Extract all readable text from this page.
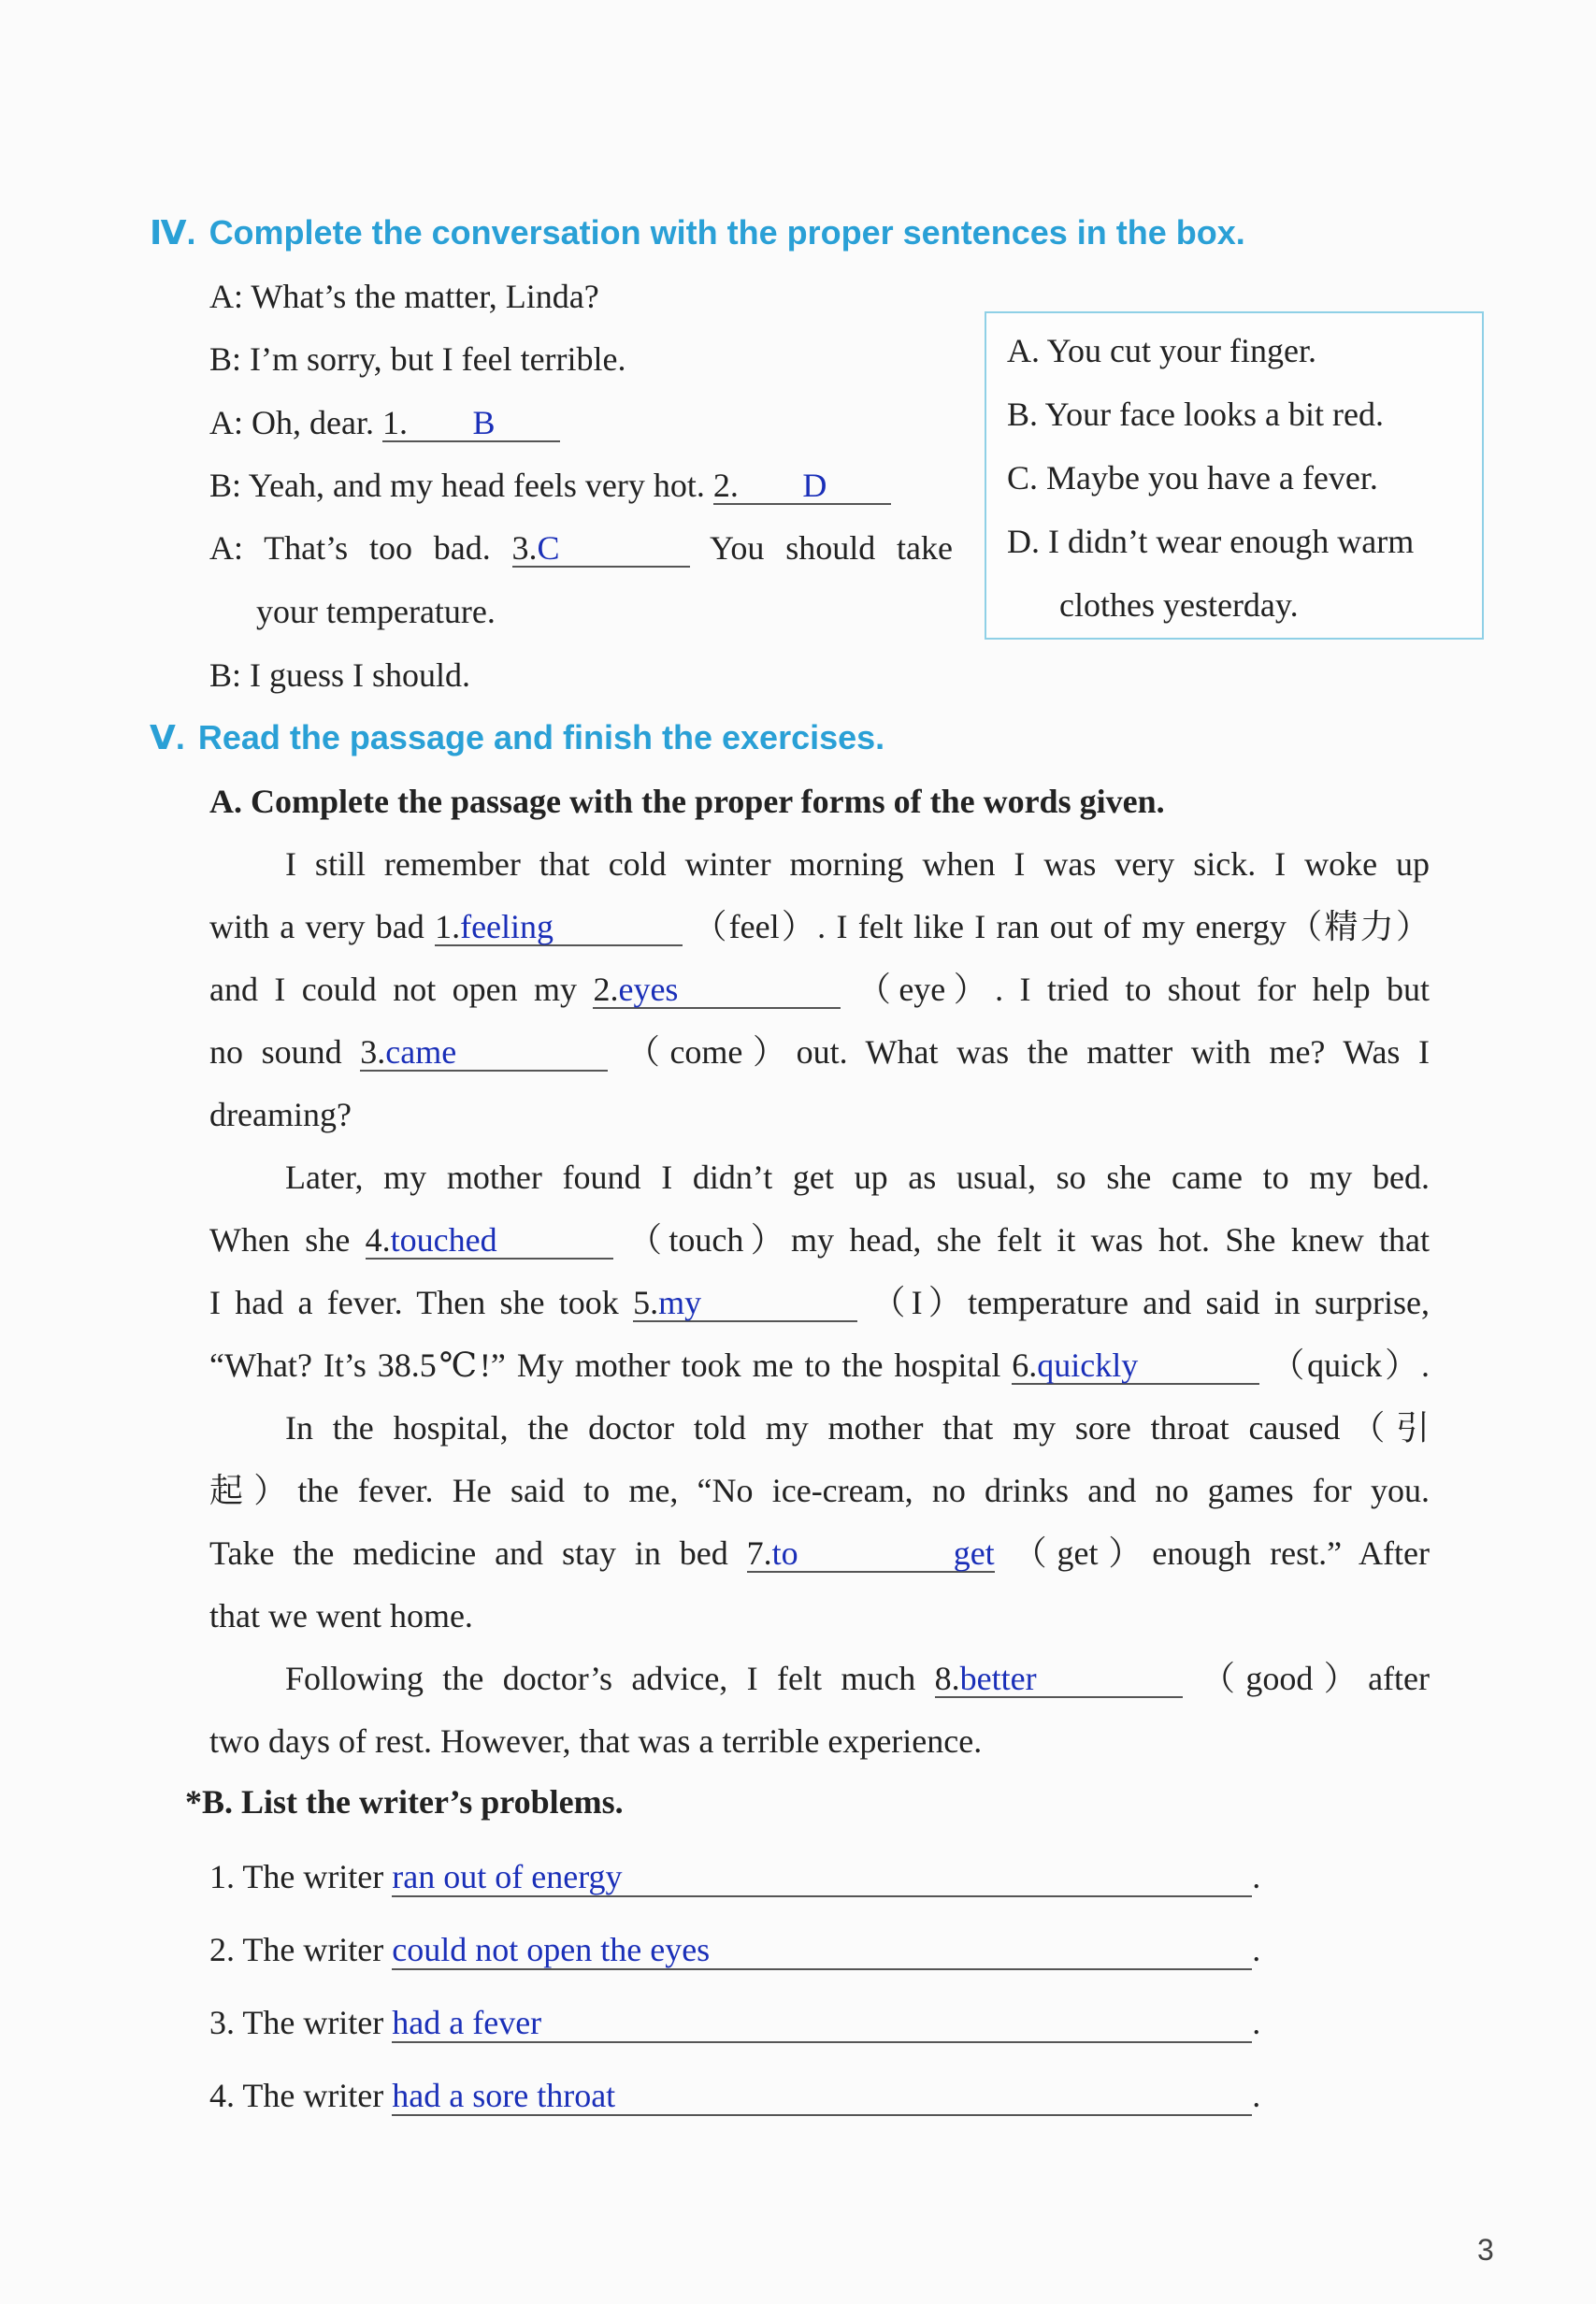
Ⅳ. Complete the conversation with the proper sentences in the box.
A: What’s the matter, Linda?
B: I’m sorry, but I feel terrible.
A: Oh, dear. 1. B
B: Yeah, and my head feels very hot. 2. D
A: That’s too bad. 3. C	You should take
your temperature.
B: I guess I should.
A. You cut your finger.
B. Your face looks a bit red.
C. Maybe you have a fever.
D. I didn’t wear enough warm
clothes yesterday.
Ⅴ. Read the passage and finish the exercises.
A. Complete the passage with the proper forms of the words given.
I still remember that cold winter morning when I was very sick. I woke up
with a very bad 1. feeling	（feel）. I felt like I ran out of my energy（精力）
and I could not open my 2. eyes	（eye）. I tried to shout for help but
no sound 3. came	（come）out. What was the matter with me? Was I
dreaming?
Later, my mother found I didn’t get up as usual, so she came to my bed.
When she 4. touched	（touch）my head, she felt it was hot. She knew that
I had a fever. Then she took 5. my	（I）temperature and said in surprise,
“What? It’s 38.5℃!” My mother took me to the hospital 6. quickly	（quick）.
In the hospital, the doctor told my mother that my sore throat caused（引
起）the fever. He said to me, “No ice-cream, no drinks and no games for you.
Take the medicine and stay in bed 7. to get （get）enough rest.” After
that we went home.
Following the doctor’s advice, I felt much 8. better	（good）after
two days of rest. However, that was a terrible experience.
*B. List the writer’s problems.
1. The writer ran out of energy	.
2. The writer could not open the eyes	.
3. The writer had a fever	.
4. The writer had a sore throat	.
3
